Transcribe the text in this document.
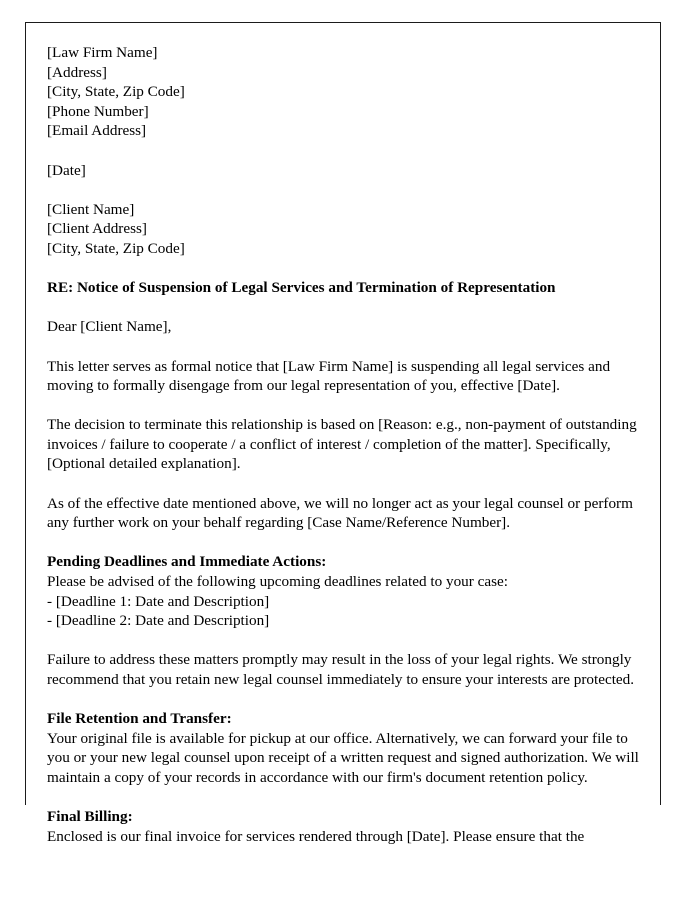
[Law Firm Name]
[Address]
[City, State, Zip Code]
[Phone Number]
[Email Address]
[Date]
[Client Name]
[Client Address]
[City, State, Zip Code]

RE: Notice of Suspension of Legal Services and Termination of Representation

Dear [Client Name],

This letter serves as formal notice that [Law Firm Name] is suspending all legal services and moving to formally disengage from our legal representation of you, effective [Date].

The decision to terminate this relationship is based on [Reason: e.g., non-payment of outstanding invoices / failure to cooperate / a conflict of interest / completion of the matter]. Specifically, [Optional detailed explanation].

As of the effective date mentioned above, we will no longer act as your legal counsel or perform any further work on your behalf regarding [Case Name/Reference Number].

Pending Deadlines and Immediate Actions:

Please be advised of the following upcoming deadlines related to your case:

- [Deadline 1: Date and Description]

- [Deadline 2: Date and Description]

Failure to address these matters promptly may result in the loss of your legal rights. We strongly recommend that you retain new legal counsel immediately to ensure your interests are protected.

File Retention and Transfer:

Your original file is available for pickup at our office. Alternatively, we can forward your file to you or your new legal counsel upon receipt of a written request and signed authorization. We will maintain a copy of your records in accordance with our firm's document retention policy.

Final Billing:

Enclosed is our final invoice for services rendered through [Date]. Please ensure that the
